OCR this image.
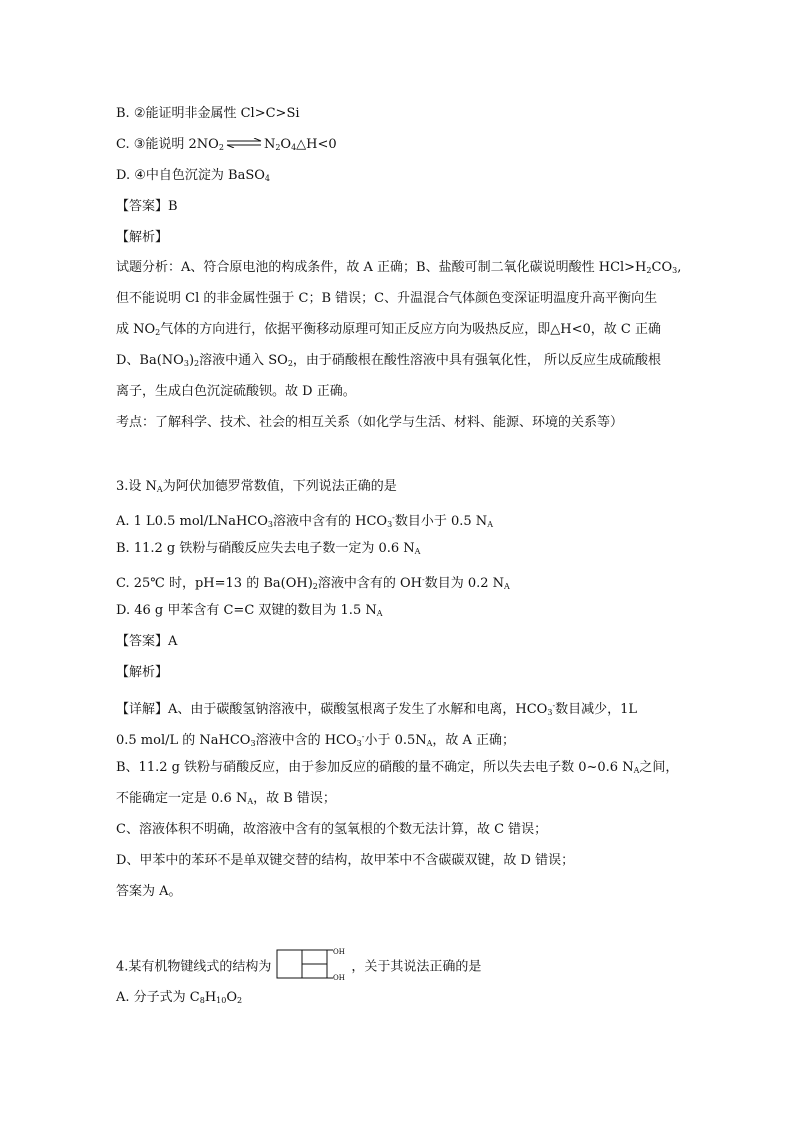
B. ②能证明非金属性 Cl>C>Si
C. ③能说明 $2NO_2$ ⇌ $N_2O_4\triangle H<0$
D. ④中自色沉淀为 BaSO$_4$
【答案】B
【解析】
试题分析：A、符合原电池的构成条件，故 A 正确；B、盐酸可制二氧化碳说明酸性 $HCl>H_2CO_3$,
但不能说明 Cl 的非金属性强于 C；B 错误；C、升温混合气体颜色变深证明温度升高平衡向生
成 $NO_2$气体的方向进行，依据平衡移动原理可知正反应方向为吸热反应，即△H<0，故 C 正确
D、$Ba(NO_3)_2$溶液中通入 $SO_2$，由于硝酸根在酸性溶液中具有强氧化性， 所以反应生成硫酸根
离子，生成白色沉淀硫酸钡。故 D 正确。
考点：了解科学、技术、社会的相互关系（如化学与生活、材料、能源、环境的关系等）
3.设 $N_A$为阿伏加德罗常数值，下列说法正确的是
A. 1 L0.5 mol/LNaHCO$_3$溶液中含有的 $HCO_3^-$数目小于 0.5 $N_A$
B. 11.2 g 铁粉与硝酸反应失去电子数一定为 0.6 $N_A$
C. 25℃ 时，pH=13 的 $Ba(OH)_2$溶液中含有的 OH-数目为 0.2 $N_A$
D. 46 g 甲苯含有 C=C 双键的数目为 1.5 $N_A$
【答案】A
【解析】
【详解】A、由于碳酸氢钠溶液中，碳酸氢根离子发生了水解和电离，$HCO_3^-$数目减少，1L
0.5 mol/L 的 NaHCO$_3$溶液中含的 $HCO_3^-$小于 $0.5N_A$，故 A 正确；
B、11.2 g 铁粉与硝酸反应，由于参加反应的硝酸的量不确定，所以失去电子数 0~0.6 $N_A$之间，
不能确定一定是 0.6 $N_A$，故 B 错误；
C、溶液体积不明确，故溶液中含有的氢氧根的个数无法计算，故 C 错误；
D、甲苯中的苯环不是单双键交替的结构，故甲苯中不含碳碳双键，故 D 错误；
答案为 A。
4.某有机物键线式的结构为
OH
OH
，关于其说法正确的是
A. 分子式为 $C_8H_{10}O_2$
